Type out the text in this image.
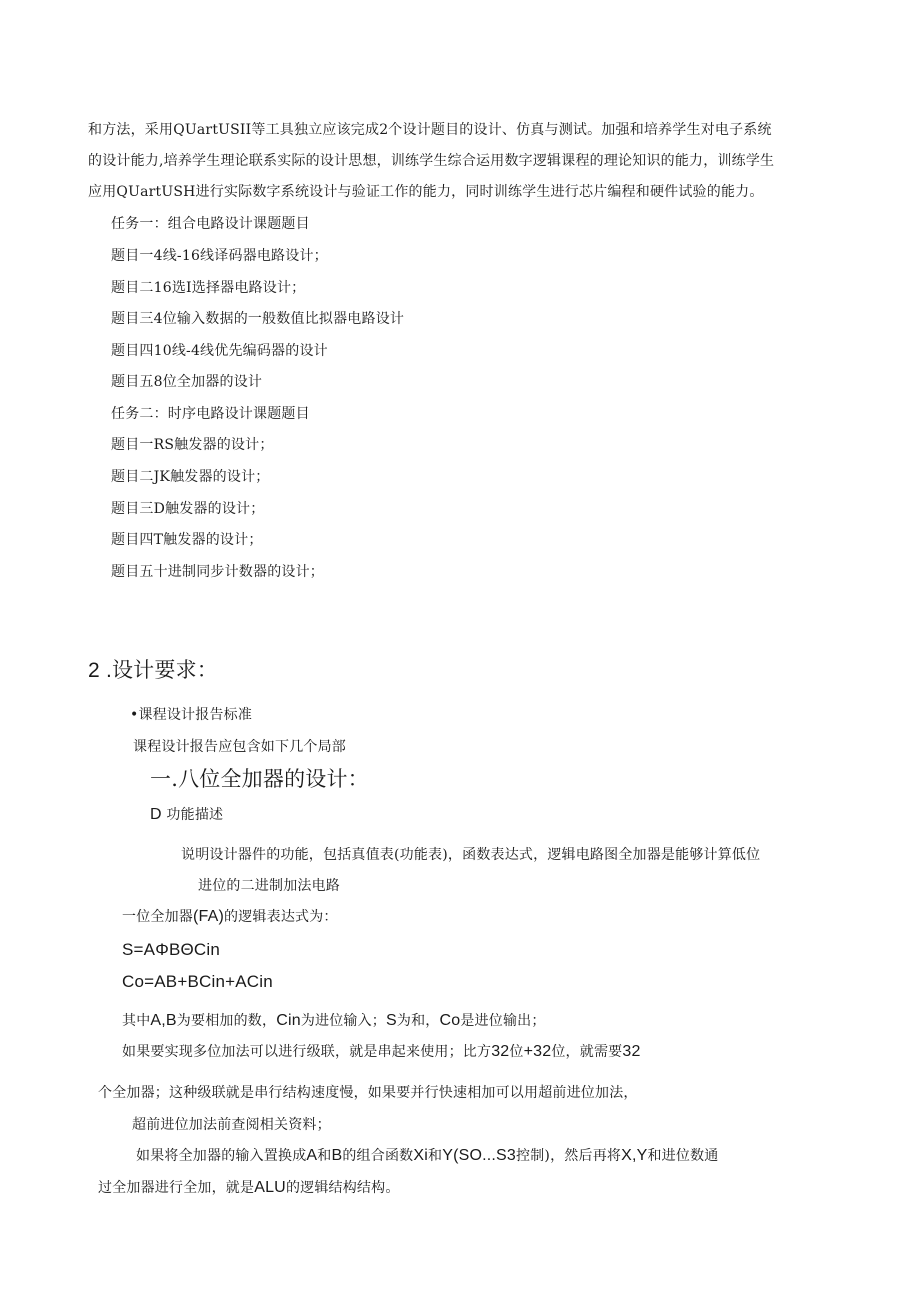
和方法，采用QUartUSII等工具独立应该完成2个设计题目的设计、仿真与测试。加强和培养学生对电子系统
的设计能力,培养学生理论联系实际的设计思想，训练学生综合运用数字逻辑课程的理论知识的能力，训练学生
应用QUartUSH进行实际数字系统设计与验证工作的能力，同时训练学生进行芯片编程和硬件试验的能力。
任务一：组合电路设计课题题目
题目一4线-16线译码器电路设计；
题目二16选I选择器电路设计；
题目三4位输入数据的一般数值比拟器电路设计
题目四10线-4线优先编码器的设计
题目五8位全加器的设计
任务二：时序电路设计课题题目
题目一RS触发器的设计；
题目二JK触发器的设计；
题目三D触发器的设计；
题目四T触发器的设计；
题目五十进制同步计数器的设计；
2 .设计要求：
•课程设计报告标准
课程设计报告应包含如下几个局部
一.八位全加器的设计：
D 功能描述
说明设计器件的功能，包括真值表(功能表)，函数表达式，逻辑电路图全加器是能够计算低位
进位的二进制加法电路
一位全加器(FA)的逻辑表达式为：
S=AΦBΘCin
Co=AB+BCin+ACin
其中A,B为要相加的数，Cin为进位输入；S为和，Co是进位输出；
如果要实现多位加法可以进行级联，就是串起来使用；比方32位+32位，就需要32
个全加器；这种级联就是串行结构速度慢，如果要并行快速相加可以用超前进位加法，
超前进位加法前查阅相关资料；
如果将全加器的输入置换成A和B的组合函数Xi和Y(SO...S3控制)，然后再将X,Y和进位数通
过全加器进行全加，就是ALU的逻辑结构结构。
